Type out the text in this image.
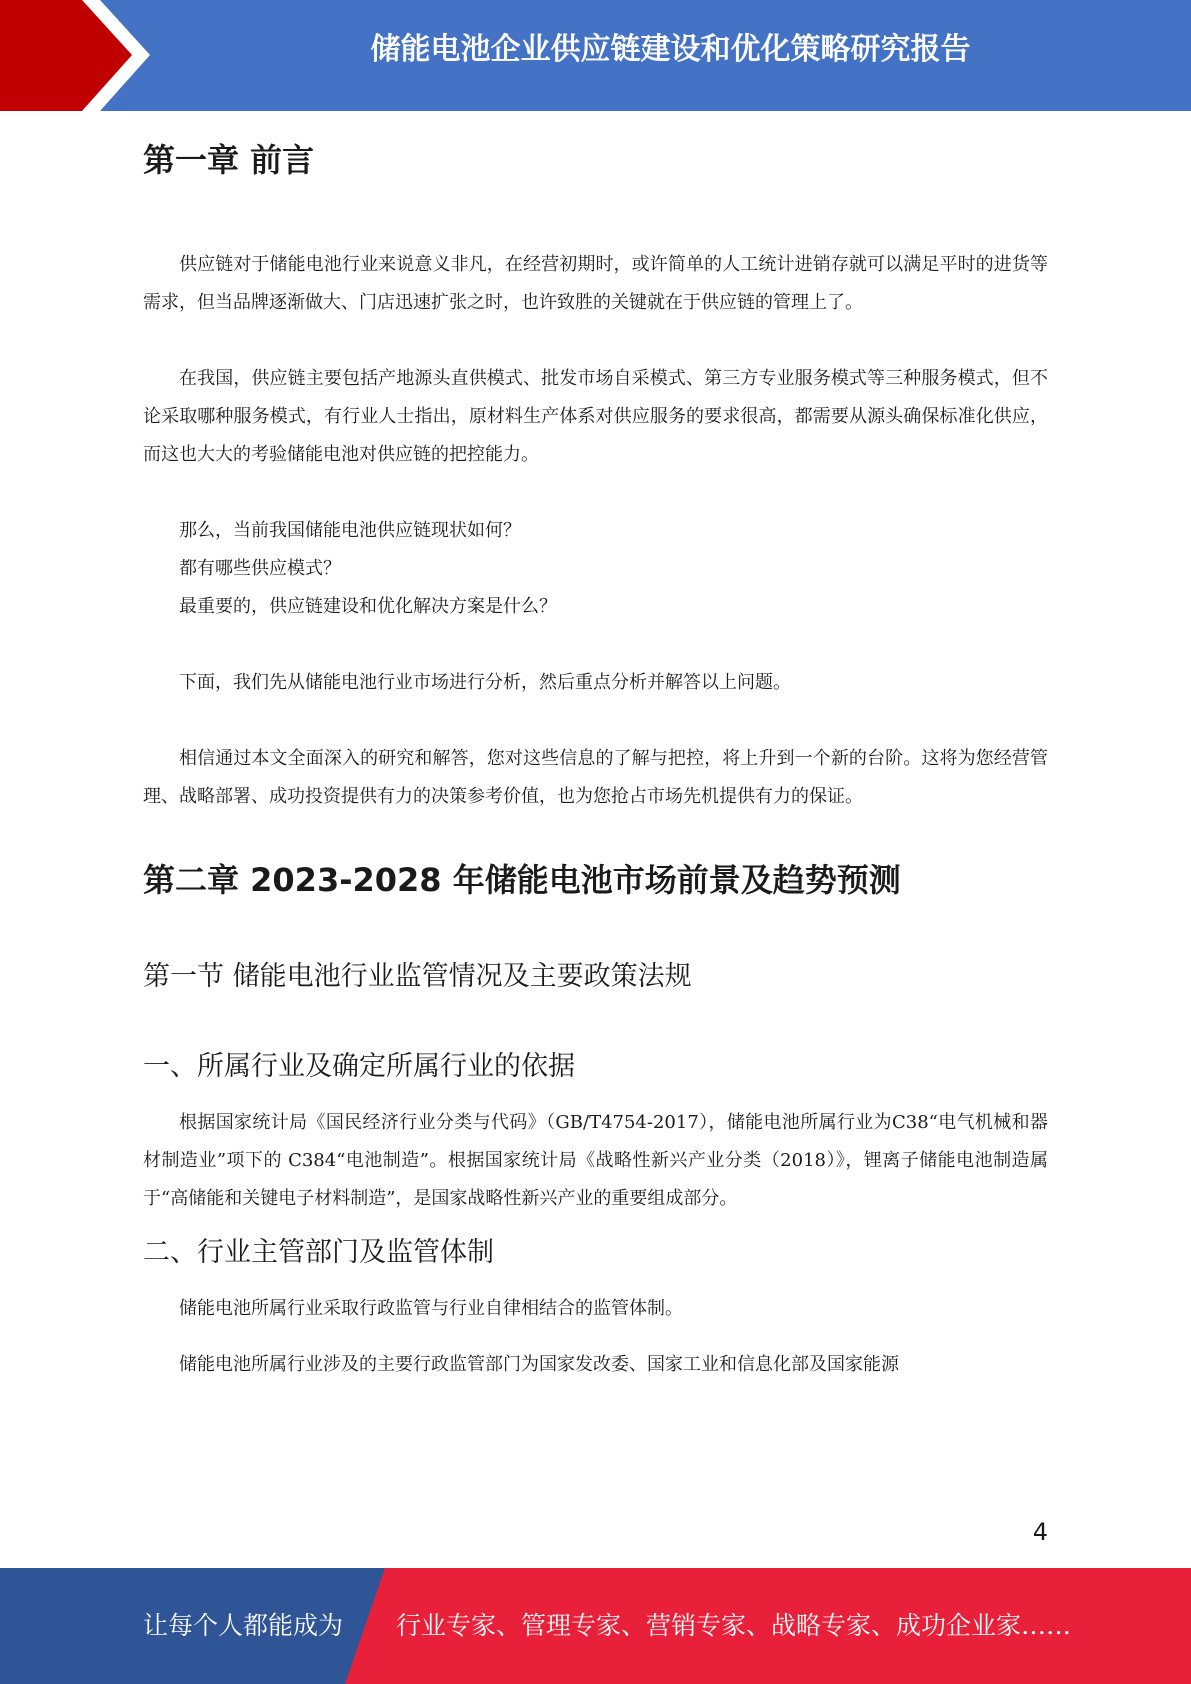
储能电池企业供应链建设和优化策略研究报告
第一章 前言

供应链对于储能电池行业来说意义非凡，在经营初期时，或许简单的人工统计进销存就可以满足平时的进货等需求，但当品牌逐渐做大、门店迅速扩张之时，也许致胜的关键就在于供应链的管理上了。

在我国，供应链主要包括产地源头直供模式、批发市场自采模式、第三方专业服务模式等三种服务模式，但不论采取哪种服务模式，有行业人士指出，原材料生产体系对供应服务的要求很高，都需要从源头确保标准化供应，而这也大大的考验储能电池对供应链的把控能力。

那么，当前我国储能电池供应链现状如何？

都有哪些供应模式？

最重要的，供应链建设和优化解决方案是什么？

下面，我们先从储能电池行业市场进行分析，然后重点分析并解答以上问题。

相信通过本文全面深入的研究和解答，您对这些信息的了解与把控，将上升到一个新的台阶。这将为您经营管理、战略部署、成功投资提供有力的决策参考价值，也为您抢占市场先机提供有力的保证。

第二章 2023-2028 年储能电池市场前景及趋势预测
第一节 储能电池行业监管情况及主要政策法规
一、所属行业及确定所属行业的依据

根据国家统计局《国民经济行业分类与代码》（GB/T4754-2017），储能电池所属行业为C38“电气机械和器材制造业”项下的 C384“电池制造”。根据国家统计局《战略性新兴产业分类（2018）》，锂离子储能电池制造属于“高储能和关键电子材料制造”，是国家战略性新兴产业的重要组成部分。

二、行业主管部门及监管体制

储能电池所属行业采取行政监管与行业自律相结合的监管体制。

储能电池所属行业涉及的主要行政监管部门为国家发改委、国家工业和信息化部及国家能源

4
让每个人都能成为 行业专家、管理专家、营销专家、战略专家、成功企业家……
